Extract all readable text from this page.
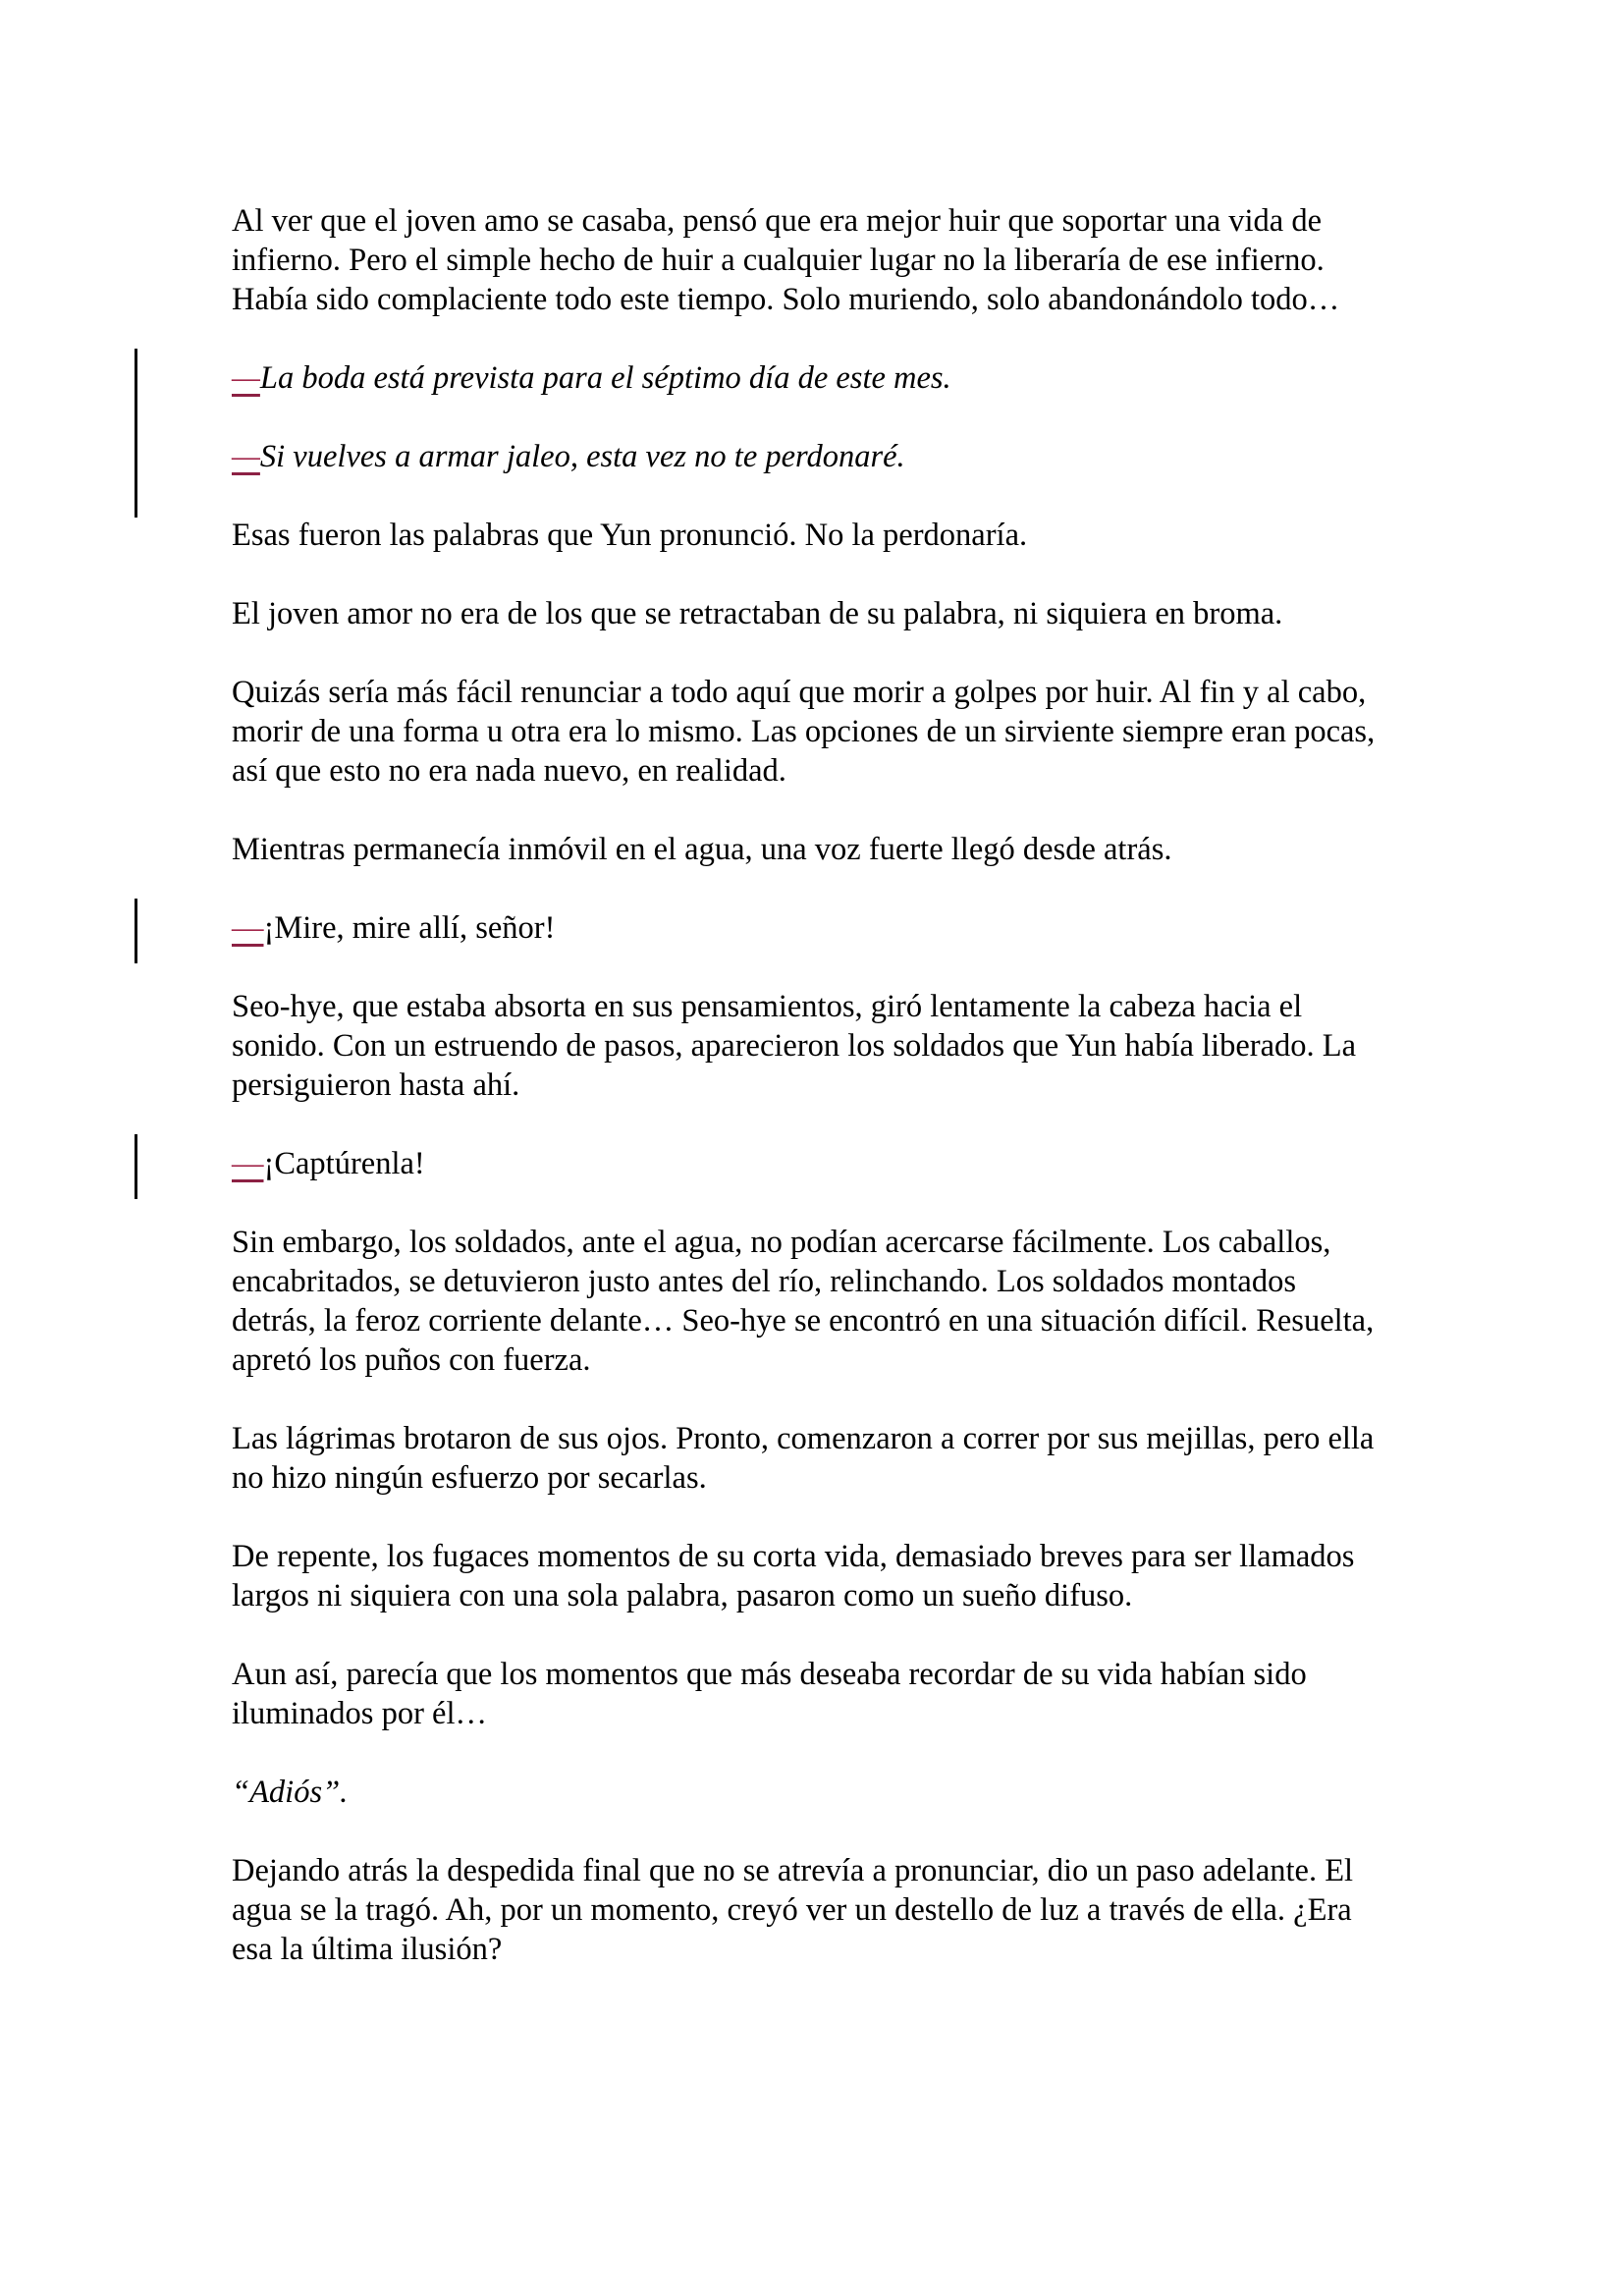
Al ver que el joven amo se casaba, pensó que era mejor huir que soportar una vida de infierno. Pero el simple hecho de huir a cualquier lugar no la liberaría de ese infierno. Había sido complaciente todo este tiempo. Solo muriendo, solo abandonándolo todo…

—La boda está prevista para el séptimo día de este mes.

—Si vuelves a armar jaleo, esta vez no te perdonaré.

Esas fueron las palabras que Yun pronunció. No la perdonaría.

El joven amor no era de los que se retractaban de su palabra, ni siquiera en broma.

Quizás sería más fácil renunciar a todo aquí que morir a golpes por huir. Al fin y al cabo, morir de una forma u otra era lo mismo. Las opciones de un sirviente siempre eran pocas, así que esto no era nada nuevo, en realidad.

Mientras permanecía inmóvil en el agua, una voz fuerte llegó desde atrás.

—¡Mire, mire allí, señor!

Seo-hye, que estaba absorta en sus pensamientos, giró lentamente la cabeza hacia el sonido. Con un estruendo de pasos, aparecieron los soldados que Yun había liberado. La persiguieron hasta ahí.

—¡Captúrenla!

Sin embargo, los soldados, ante el agua, no podían acercarse fácilmente. Los caballos, encabritados, se detuvieron justo antes del río, relinchando. Los soldados montados detrás, la feroz corriente delante… Seo-hye se encontró en una situación difícil. Resuelta, apretó los puños con fuerza.

Las lágrimas brotaron de sus ojos. Pronto, comenzaron a correr por sus mejillas, pero ella no hizo ningún esfuerzo por secarlas.

De repente, los fugaces momentos de su corta vida, demasiado breves para ser llamados largos ni siquiera con una sola palabra, pasaron como un sueño difuso.

Aun así, parecía que los momentos que más deseaba recordar de su vida habían sido iluminados por él…

“Adiós”.

Dejando atrás la despedida final que no se atrevía a pronunciar, dio un paso adelante. El agua se la tragó. Ah, por un momento, creyó ver un destello de luz a través de ella. ¿Era esa la última ilusión?
